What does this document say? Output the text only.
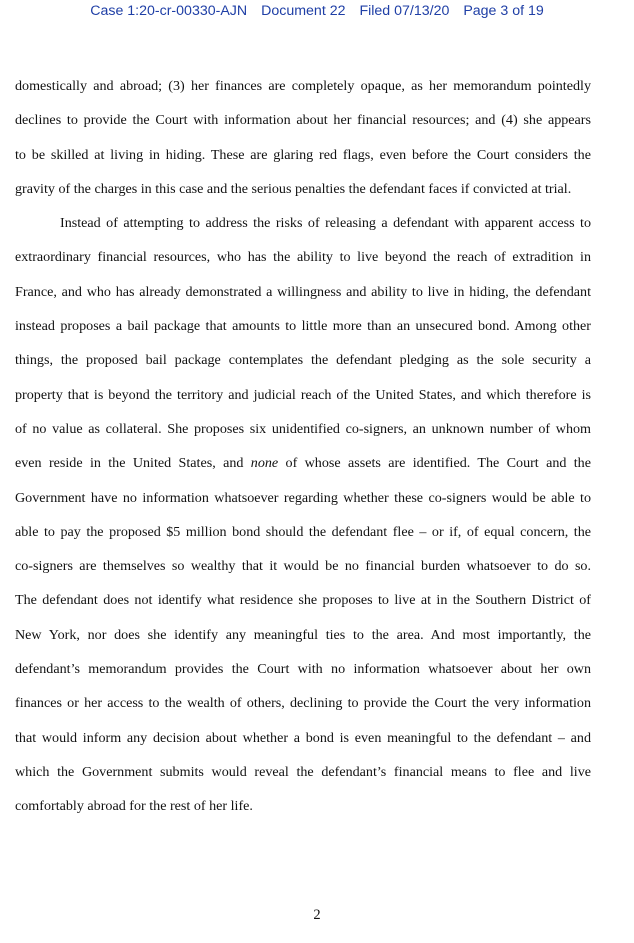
Case 1:20-cr-00330-AJN Document 22 Filed 07/13/20 Page 3 of 19
domestically and abroad; (3) her finances are completely opaque, as her memorandum pointedly
declines to provide the Court with information about her financial resources; and (4) she appears
to be skilled at living in hiding. These are glaring red flags, even before the Court considers the
gravity of the charges in this case and the serious penalties the defendant faces if convicted at trial.
Instead of attempting to address the risks of releasing a defendant with apparent access to
extraordinary financial resources, who has the ability to live beyond the reach of extradition in
France, and who has already demonstrated a willingness and ability to live in hiding, the defendant
instead proposes a bail package that amounts to little more than an unsecured bond. Among other
things, the proposed bail package contemplates the defendant pledging as the sole security a
property that is beyond the territory and judicial reach of the United States, and which therefore is
of no value as collateral. She proposes six unidentified co-signers, an unknown number of whom
even reside in the United States, and none of whose assets are identified. The Court and the
Government have no information whatsoever regarding whether these co-signers would be able to
able to pay the proposed $5 million bond should the defendant flee – or if, of equal concern, the
co-signers are themselves so wealthy that it would be no financial burden whatsoever to do so.
The defendant does not identify what residence she proposes to live at in the Southern District of
New York, nor does she identify any meaningful ties to the area. And most importantly, the
defendant’s memorandum provides the Court with no information whatsoever about her own
finances or her access to the wealth of others, declining to provide the Court the very information
that would inform any decision about whether a bond is even meaningful to the defendant – and
which the Government submits would reveal the defendant’s financial means to flee and live
comfortably abroad for the rest of her life.
2
